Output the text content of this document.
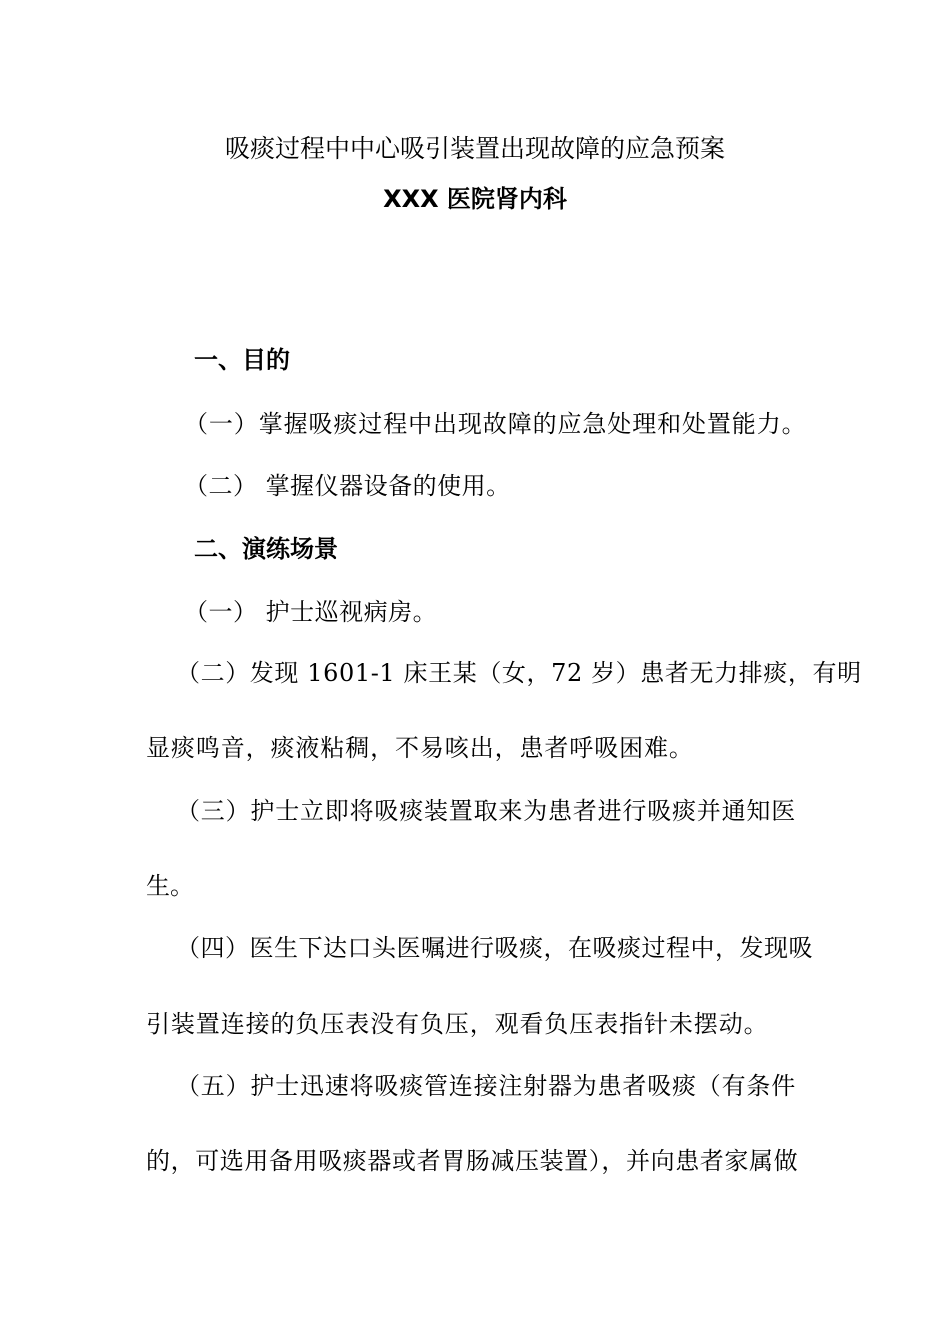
吸痰过程中中心吸引装置出现故障的应急预案
XXX 医院肾内科
一、目的
（一）掌握吸痰过程中出现故障的应急处理和处置能力。
（二） 掌握仪器设备的使用。
二、演练场景
（一） 护士巡视病房。
（二）发现 1601-1 床王某（女，72 岁）患者无力排痰，有明
显痰鸣音，痰液粘稠，不易咳出，患者呼吸困难。
（三）护士立即将吸痰装置取来为患者进行吸痰并通知医
生。
（四）医生下达口头医嘱进行吸痰，在吸痰过程中，发现吸
引装置连接的负压表没有负压，观看负压表指针未摆动。
（五）护士迅速将吸痰管连接注射器为患者吸痰（有条件
的，可选用备用吸痰器或者胃肠减压装置），并向患者家属做
